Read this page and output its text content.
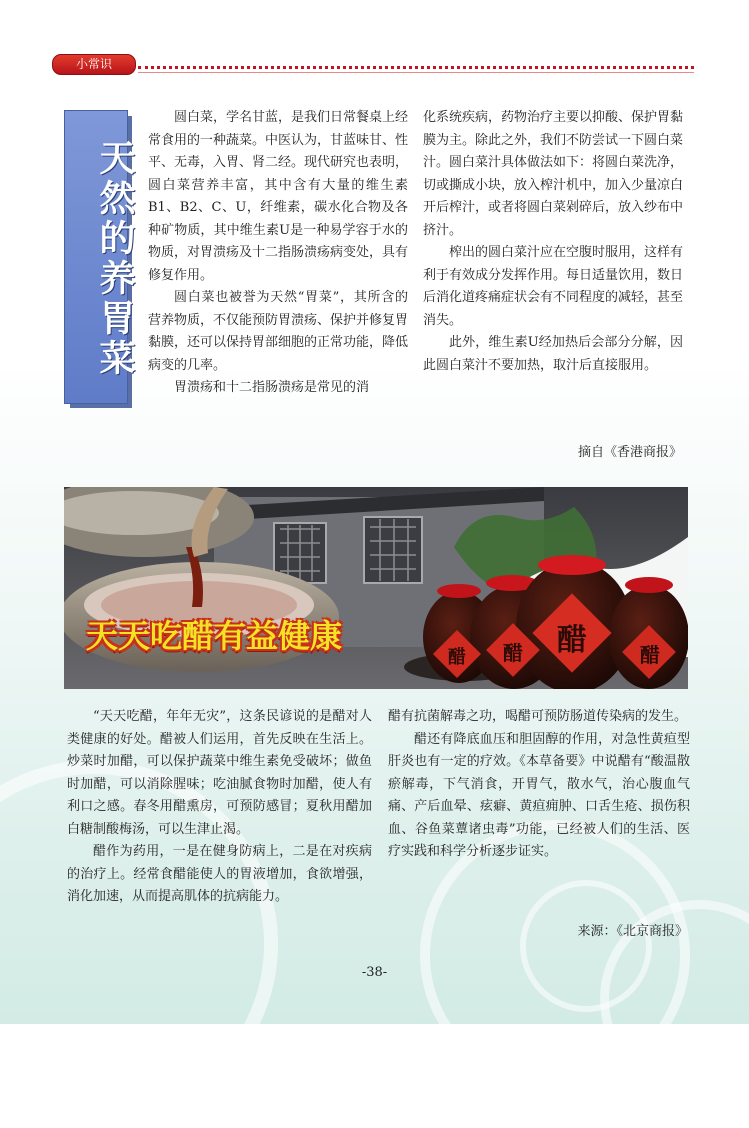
小常识
天然的养胃菜

圆白菜，学名甘蓝，是我们日常餐桌上经常食用的一种蔬菜。中医认为，甘蓝味甘、性平、无毒，入胃、肾二经。现代研究也表明，圆白菜营养丰富，其中含有大量的维生素B1、B2、C、U，纤维素，碳水化合物及各种矿物质，其中维生素U是一种易学容于水的物质，对胃溃疡及十二指肠溃疡病变处，具有修复作用。

圆白菜也被誉为天然“胃菜”，其所含的营养物质，不仅能预防胃溃疡、保护并修复胃黏膜，还可以保持胃部细胞的正常功能，降低病变的几率。

胃溃疡和十二指肠溃疡是常见的消

化系统疾病，药物治疗主要以抑酸、保护胃黏膜为主。除此之外，我们不防尝试一下圆白菜汁。圆白菜汁具体做法如下：将圆白菜洗净，切或撕成小块，放入榨汁机中，加入少量凉白开后榨汁，或者将圆白菜剁碎后，放入纱布中挤汁。

榨出的圆白菜汁应在空腹时服用，这样有利于有效成分发挥作用。每日适量饮用，数日后消化道疼痛症状会有不同程度的减轻，甚至消失。

此外，维生素U经加热后会部分分解，因此圆白菜汁不要加热，取汁后直接服用。

摘自《香港商报》
醋 醋 醋	醋
天天吃醋有益健康

“天天吃醋，年年无灾”，这条民谚说的是醋对人类健康的好处。醋被人们运用，首先反映在生活上。炒菜时加醋，可以保护蔬菜中维生素免受破坏；做鱼时加醋，可以消除腥味；吃油腻食物时加醋，使人有利口之感。春冬用醋熏房，可预防感冒；夏秋用醋加白糖制酸梅汤，可以生津止渴。

醋作为药用，一是在健身防病上，二是在对疾病的治疗上。经常食醋能使人的胃液增加，食欲增强，消化加速，从而提高肌体的抗病能力。

醋有抗菌解毒之功，喝醋可预防肠道传染病的发生。

醋还有降底血压和胆固醇的作用，对急性黄疸型肝炎也有一定的疗效。《本草备要》中说醋有“酸温散瘀解毒，下气消食，开胃气，散水气，治心腹血气痛、产后血晕、痃癖、黄疸痈肿、口舌生疮、损伤积血、谷鱼菜蕈诸虫毒”功能，已经被人们的生活、医疗实践和科学分析逐步证实。

来源：《北京商报》
-38-
